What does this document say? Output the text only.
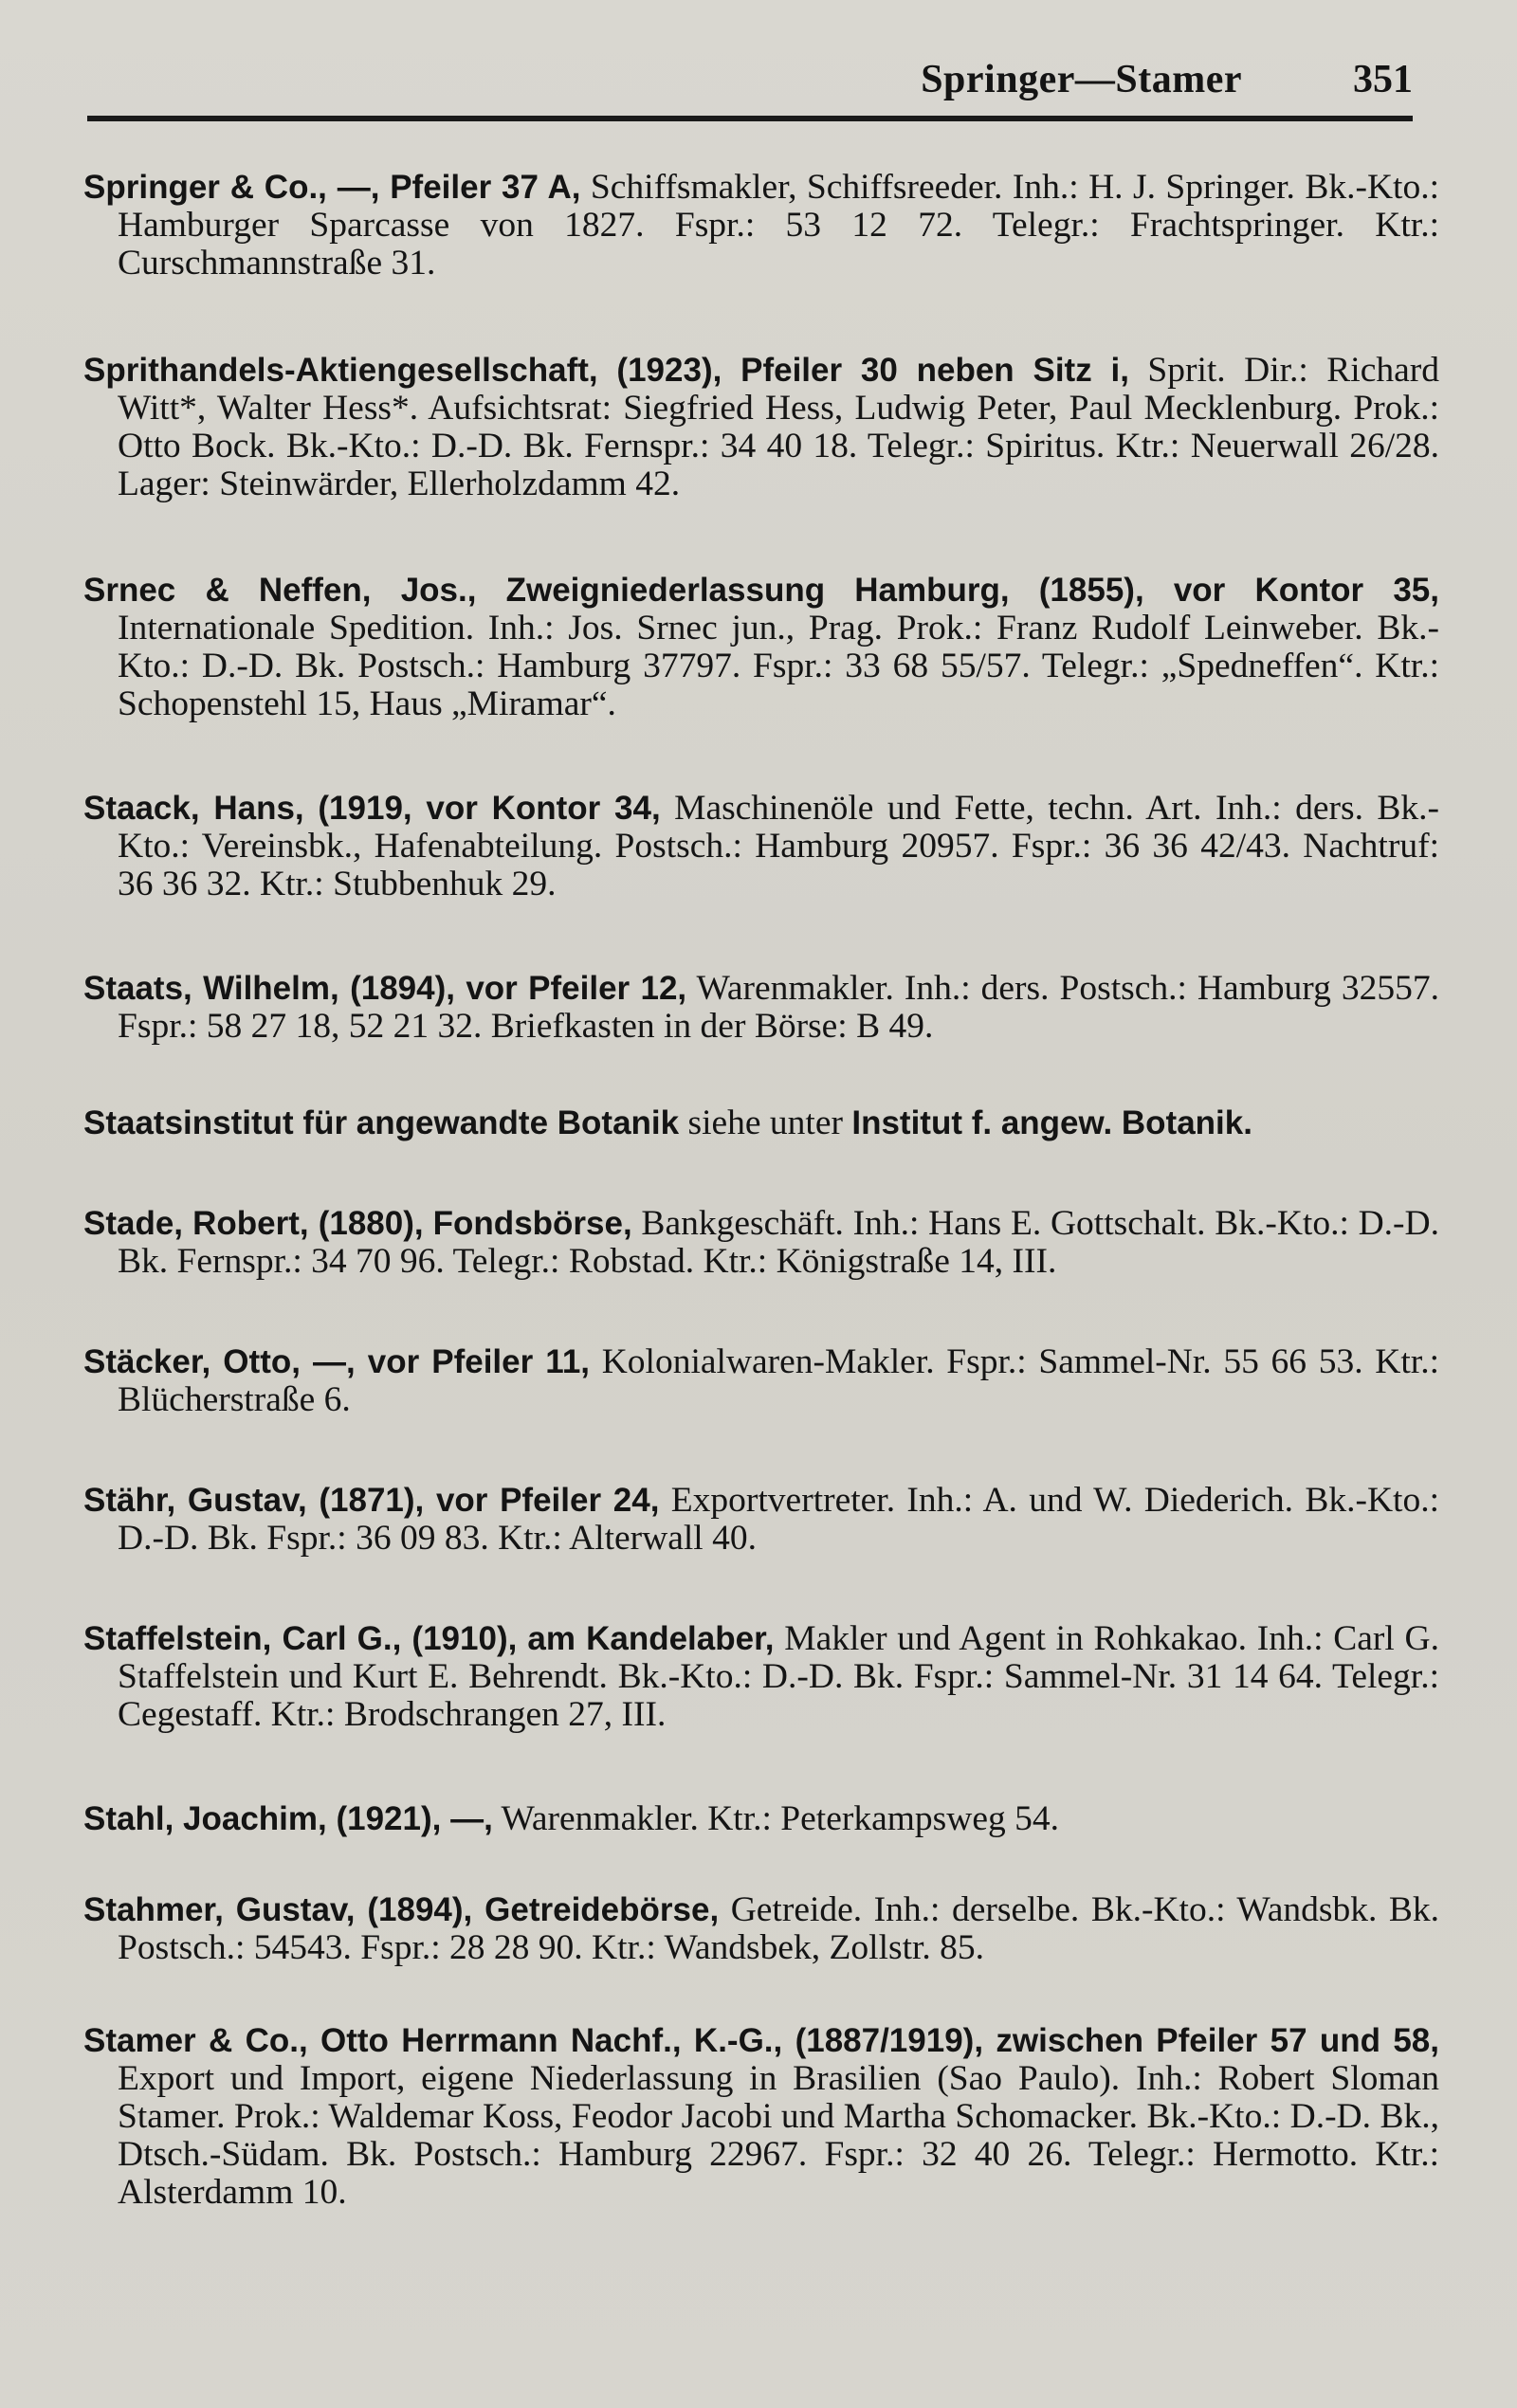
Springer—Stamer	351

Springer & Co., —, Pfeiler 37 A, Schiffsmakler, Schiffsreeder. Inh.: H. J. Springer. Bk.-Kto.: Hamburger Sparcasse von 1827. Fspr.: 53 12 72. Telegr.: Frachtspringer. Ktr.: Curschmannstraße 31.

Sprithandels-Aktiengesellschaft, (1923), Pfeiler 30 neben Sitz i, Sprit. Dir.: Richard Witt*, Walter Hess*. Aufsichtsrat: Siegfried Hess, Ludwig Peter, Paul Mecklenburg. Prok.: Otto Bock. Bk.-Kto.: D.-D. Bk. Fernspr.: 34 40 18. Telegr.: Spiritus. Ktr.: Neuerwall 26/28. Lager: Steinwärder, Ellerholzdamm 42.

Srnec & Neffen, Jos., Zweigniederlassung Hamburg, (1855), vor Kontor 35, Internationale Spedition. Inh.: Jos. Srnec jun., Prag. Prok.: Franz Rudolf Leinweber. Bk.-Kto.: D.-D. Bk. Postsch.: Hamburg 37797. Fspr.: 33 68 55/57. Telegr.: „Spedneffen“. Ktr.: Schopenstehl 15, Haus „Miramar“.

Staack, Hans, (1919, vor Kontor 34, Maschinenöle und Fette, techn. Art. Inh.: ders. Bk.-Kto.: Vereinsbk., Hafenabteilung. Postsch.: Hamburg 20957. Fspr.: 36 36 42/43. Nachtruf: 36 36 32. Ktr.: Stubbenhuk 29.

Staats, Wilhelm, (1894), vor Pfeiler 12, Warenmakler. Inh.: ders. Postsch.: Hamburg 32557. Fspr.: 58 27 18, 52 21 32. Briefkasten in der Börse: B 49.

Staatsinstitut für angewandte Botanik siehe unter Institut f. angew. Botanik.

Stade, Robert, (1880), Fondsbörse, Bankgeschäft. Inh.: Hans E. Gottschalt. Bk.-Kto.: D.-D. Bk. Fernspr.: 34 70 96. Telegr.: Robstad. Ktr.: Königstraße 14, III.

Stäcker, Otto, —, vor Pfeiler 11, Kolonialwaren-Makler. Fspr.: Sammel-Nr. 55 66 53. Ktr.: Blücherstraße 6.

Stähr, Gustav, (1871), vor Pfeiler 24, Exportvertreter. Inh.: A. und W. Diederich. Bk.-Kto.: D.-D. Bk. Fspr.: 36 09 83. Ktr.: Alterwall 40.

Staffelstein, Carl G., (1910), am Kandelaber, Makler und Agent in Rohkakao. Inh.: Carl G. Staffelstein und Kurt E. Behrendt. Bk.-Kto.: D.-D. Bk. Fspr.: Sammel-Nr. 31 14 64. Telegr.: Cegestaff. Ktr.: Brodschrangen 27, III.

Stahl, Joachim, (1921), —, Warenmakler. Ktr.: Peterkampsweg 54.

Stahmer, Gustav, (1894), Getreidebörse, Getreide. Inh.: derselbe. Bk.-Kto.: Wandsbk. Bk. Postsch.: 54543. Fspr.: 28 28 90. Ktr.: Wandsbek, Zollstr. 85.

Stamer & Co., Otto Herrmann Nachf., K.-G., (1887/1919), zwischen Pfeiler 57 und 58, Export und Import, eigene Niederlassung in Brasilien (Sao Paulo). Inh.: Robert Sloman Stamer. Prok.: Waldemar Koss, Feodor Jacobi und Martha Schomacker. Bk.-Kto.: D.-D. Bk., Dtsch.-Südam. Bk. Postsch.: Hamburg 22967. Fspr.: 32 40 26. Telegr.: Hermotto. Ktr.: Alsterdamm 10.
